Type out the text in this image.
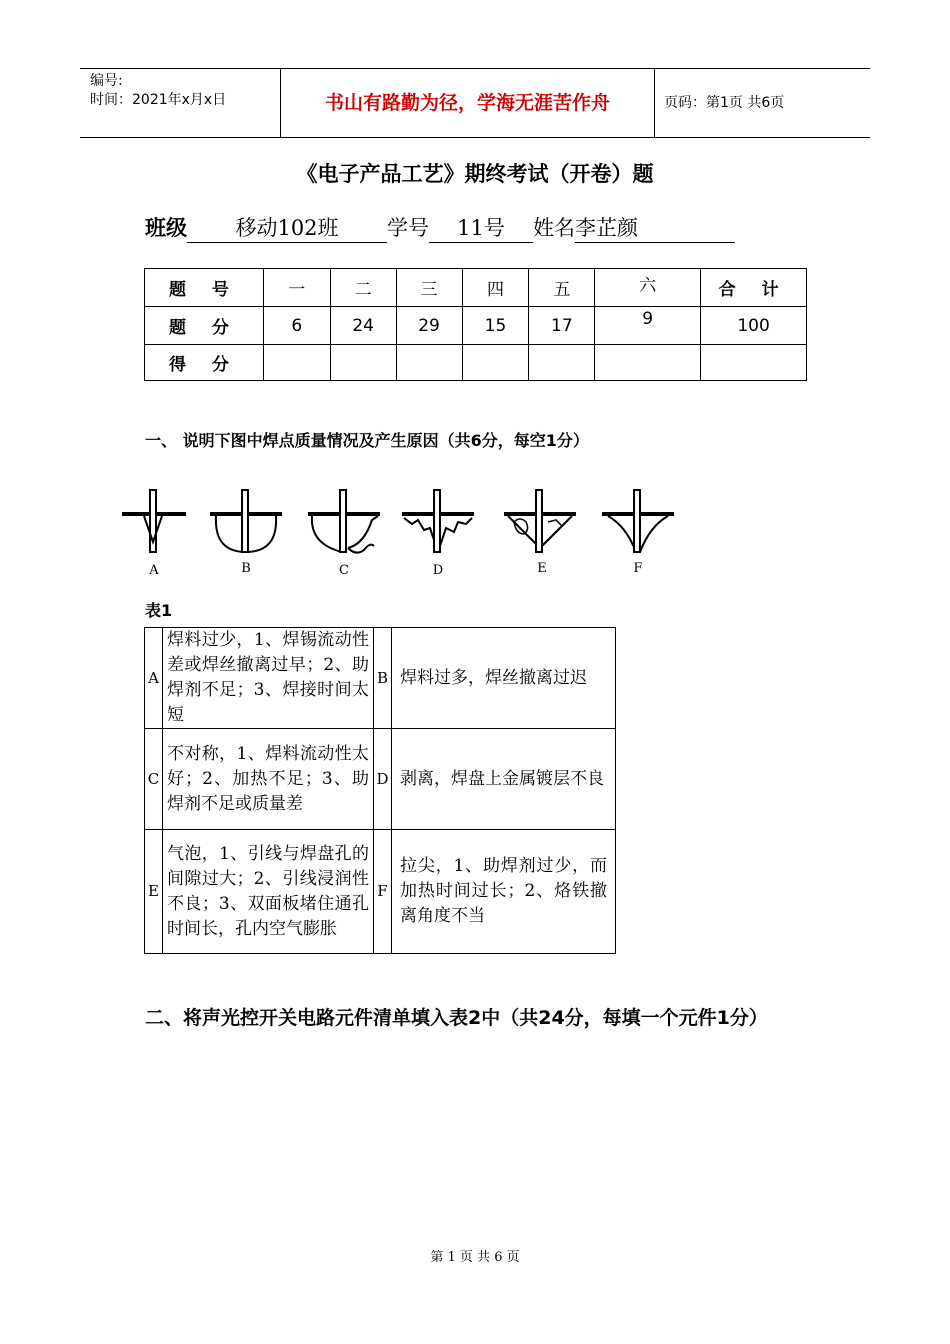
编号:
时间：2021年x月x日	书山有路勤为径，学海无涯苦作舟	页码：第1页 共6页
《电子产品工艺》期终考试（开卷）题
班级 移动102班 学号 11号 姓名李芷颜
题 号	一	二	三	四	五	六	合 计
题 分	6	24	29	15	17	9	100
得 分							
一、 说明下图中焊点质量情况及产生原因（共6分，每空1分）
A	B	C	D	E	F
表1
A	焊料过少，1、焊锡流动性差或焊丝撤离过早；2、助焊剂不足；3、焊接时间太短	B	焊料过多，焊丝撤离过迟
C	不对称，1、焊料流动性太好；2、加热不足；3、助焊剂不足或质量差	D	剥离，焊盘上金属镀层不良
E	气泡，1、引线与焊盘孔的间隙过大；2、引线浸润性不良；3、双面板堵住通孔时间长，孔内空气膨胀	F	拉尖，1、助焊剂过少，而加热时间过长；2、烙铁撤离角度不当
二、将声光控开关电路元件清单填入表2中（共24分，每填一个元件1分）
第 1 页 共 6 页
